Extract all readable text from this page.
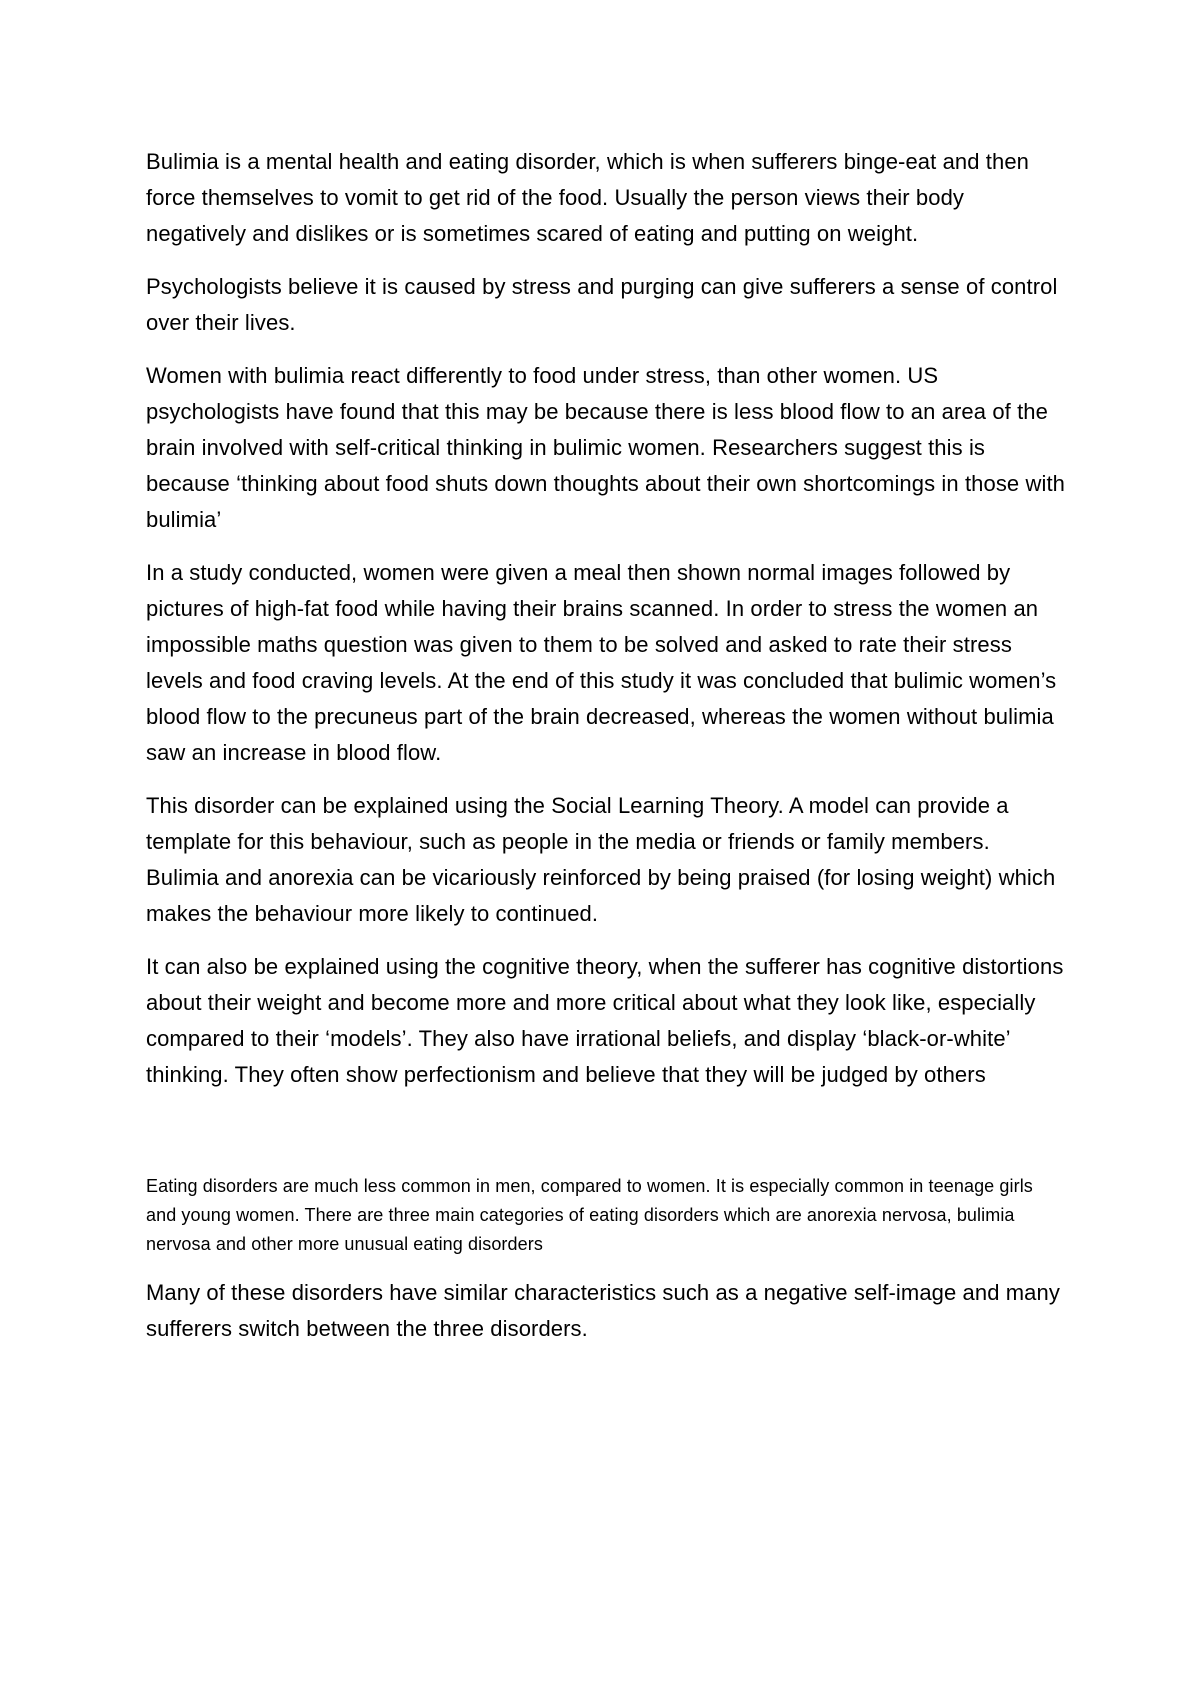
Bulimia is a mental health and eating disorder, which is when sufferers binge-eat and then force themselves to vomit to get rid of the food. Usually the person views their body negatively and dislikes or is sometimes scared of eating and putting on weight.

Psychologists believe it is caused by stress and purging can give sufferers a sense of control over their lives.

Women with bulimia react differently to food under stress, than other women. US psychologists have found that this may be because there is less blood flow to an area of the brain involved with self-critical thinking in bulimic women. Researchers suggest this is because ‘thinking about food shuts down thoughts about their own shortcomings in those with bulimia’

In a study conducted, women were given a meal then shown normal images followed by pictures of high-fat food while having their brains scanned. In order to stress the women an impossible maths question was given to them to be solved and asked to rate their stress levels and food craving levels. At the end of this study it was concluded that bulimic women’s blood flow to the precuneus part of the brain decreased, whereas the women without bulimia saw an increase in blood flow.

This disorder can be explained using the Social Learning Theory. A model can provide a template for this behaviour, such as people in the media or friends or family members. Bulimia and anorexia can be vicariously reinforced by being praised (for losing weight) which makes the behaviour more likely to continued.

It can also be explained using the cognitive theory, when the sufferer has cognitive distortions about their weight and become more and more critical about what they look like, especially compared to their ‘models’. They also have irrational beliefs, and display ‘black-or-white’ thinking. They often show perfectionism and believe that they will be judged by others

Eating disorders are much less common in men, compared to women. It is especially common in teenage girls and young women. There are three main categories of eating disorders which are anorexia nervosa, bulimia nervosa and other more unusual eating disorders

Many of these disorders have similar characteristics such as a negative self-image and many sufferers switch between the three disorders.
